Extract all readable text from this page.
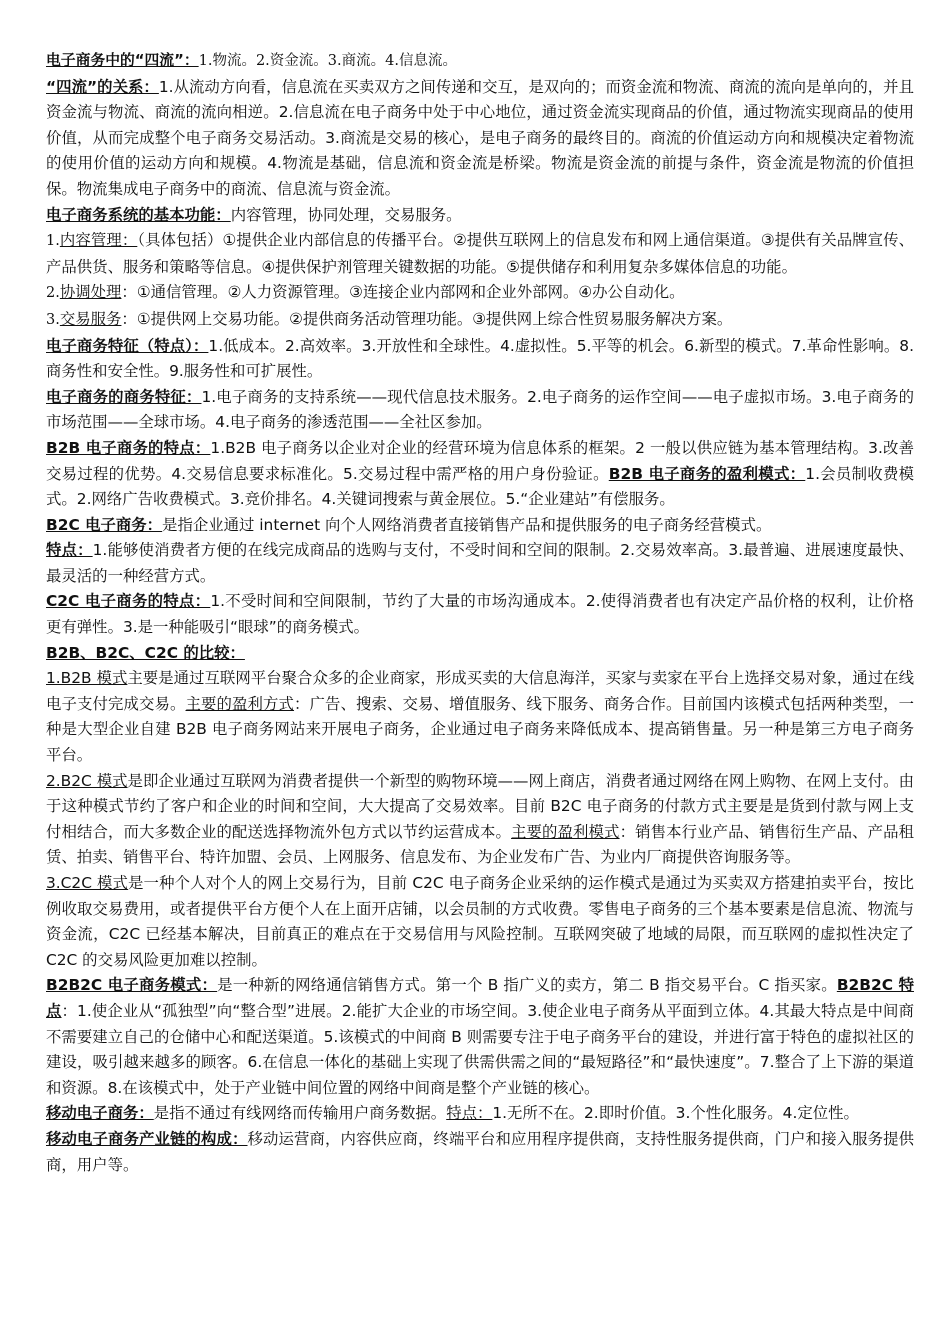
电子商务中的“四流”：1.物流。2.资金流。3.商流。4.信息流。

“四流”的关系：1.从流动方向看，信息流在买卖双方之间传递和交互，是双向的；而资金流和物流、商流的流向是单向的，并且资金流与物流、商流的流向相逆。2.信息流在电子商务中处于中心地位，通过资金流实现商品的价值，通过物流实现商品的使用价值，从而完成整个电子商务交易活动。3.商流是交易的核心，是电子商务的最终目的。商流的价值运动方向和规模决定着物流的使用价值的运动方向和规模。4.物流是基础，信息流和资金流是桥梁。物流是资金流的前提与条件，资金流是物流的价值担保。物流集成电子商务中的商流、信息流与资金流。

电子商务系统的基本功能：内容管理，协同处理，交易服务。

1.内容管理：（具体包括）①提供企业内部信息的传播平台。②提供互联网上的信息发布和网上通信渠道。③提供有关品牌宣传、产品供货、服务和策略等信息。④提供保护剂管理关键数据的功能。⑤提供储存和利用复杂多媒体信息的功能。

2.协调处理：①通信管理。②人力资源管理。③连接企业内部网和企业外部网。④办公自动化。

3.交易服务：①提供网上交易功能。②提供商务活动管理功能。③提供网上综合性贸易服务解决方案。

电子商务特征（特点）：1.低成本。2.高效率。3.开放性和全球性。4.虚拟性。5.平等的机会。6.新型的模式。7.革命性影响。8.商务性和安全性。9.服务性和可扩展性。

电子商务的商务特征：1.电子商务的支持系统——现代信息技术服务。2.电子商务的运作空间——电子虚拟市场。3.电子商务的市场范围——全球市场。4.电子商务的渗透范围——全社区参加。

B2B 电子商务的特点：1.B2B 电子商务以企业对企业的经营环境为信息体系的框架。2 一般以供应链为基本管理结构。3.改善交易过程的优势。4.交易信息要求标准化。5.交易过程中需严格的用户身份验证。B2B 电子商务的盈利模式：1.会员制收费模式。2.网络广告收费模式。3.竞价排名。4.关键词搜索与黄金展位。5.“企业建站”有偿服务。

B2C 电子商务：是指企业通过 internet 向个人网络消费者直接销售产品和提供服务的电子商务经营模式。

特点：1.能够使消费者方便的在线完成商品的选购与支付，不受时间和空间的限制。2.交易效率高。3.最普遍、进展速度最快、最灵活的一种经营方式。

C2C 电子商务的特点：1.不受时间和空间限制，节约了大量的市场沟通成本。2.使得消费者也有决定产品价格的权利，让价格更有弹性。3.是一种能吸引“眼球”的商务模式。

B2B、B2C、C2C 的比较：

1.B2B 模式主要是通过互联网平台聚合众多的企业商家，形成买卖的大信息海洋，买家与卖家在平台上选择交易对象，通过在线电子支付完成交易。主要的盈利方式：广告、搜索、交易、增值服务、线下服务、商务合作。目前国内该模式包括两种类型，一种是大型企业自建 B2B 电子商务网站来开展电子商务，企业通过电子商务来降低成本、提高销售量。另一种是第三方电子商务平台。

2.B2C 模式是即企业通过互联网为消费者提供一个新型的购物环境——网上商店，消费者通过网络在网上购物、在网上支付。由于这种模式节约了客户和企业的时间和空间，大大提高了交易效率。目前 B2C 电子商务的付款方式主要是是货到付款与网上支付相结合，而大多数企业的配送选择物流外包方式以节约运营成本。主要的盈利模式：销售本行业产品、销售衍生产品、产品租赁、拍卖、销售平台、特许加盟、会员、上网服务、信息发布、为企业发布广告、为业内厂商提供咨询服务等。

3.C2C 模式是一种个人对个人的网上交易行为，目前 C2C 电子商务企业采纳的运作模式是通过为买卖双方搭建拍卖平台，按比例收取交易费用，或者提供平台方便个人在上面开店铺，以会员制的方式收费。零售电子商务的三个基本要素是信息流、物流与资金流，C2C 已经基本解决，目前真正的难点在于交易信用与风险控制。互联网突破了地域的局限，而互联网的虚拟性决定了 C2C 的交易风险更加难以控制。

B2B2C 电子商务模式：是一种新的网络通信销售方式。第一个 B 指广义的卖方，第二 B 指交易平台。C 指买家。B2B2C 特点：1.使企业从“孤独型”向“整合型”进展。2.能扩大企业的市场空间。3.使企业电子商务从平面到立体。4.其最大特点是中间商不需要建立自己的仓储中心和配送渠道。5.该模式的中间商 B 则需要专注于电子商务平台的建设，并进行富于特色的虚拟社区的建设，吸引越来越多的顾客。6.在信息一体化的基础上实现了供需供需之间的“最短路径”和“最快速度”。7.整合了上下游的渠道和资源。8.在该模式中，处于产业链中间位置的网络中间商是整个产业链的核心。

移动电子商务：是指不通过有线网络而传输用户商务数据。特点：1.无所不在。2.即时价值。3.个性化服务。4.定位性。

移动电子商务产业链的构成：移动运营商，内容供应商，终端平台和应用程序提供商，支持性服务提供商，门户和接入服务提供商，用户等。
